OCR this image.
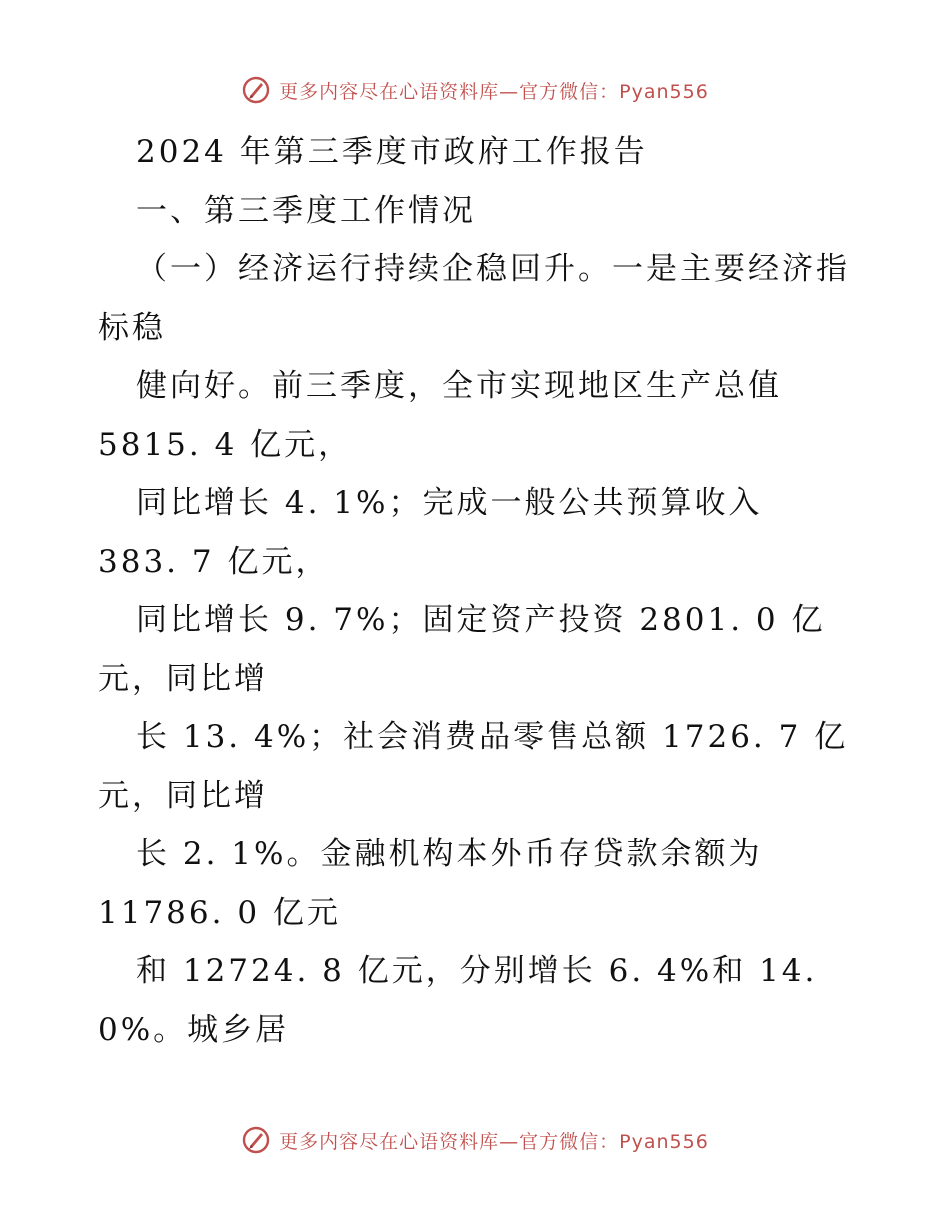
更多内容尽在心语资料库—官方微信：Pyan556
2024 年第三季度市政府工作报告
一、第三季度工作情况
（一）经济运行持续企稳回升。一是主要经济指
标稳
健向好。前三季度，全市实现地区生产总值
5815. 4 亿元，
同比增长 4. 1%；完成一般公共预算收入
383. 7 亿元，
同比增长 9. 7%；固定资产投资 2801. 0 亿
元，同比增
长 13. 4%；社会消费品零售总额 1726. 7 亿
元，同比增
长 2. 1%。金融机构本外币存贷款余额为
11786. 0 亿元
和 12724. 8 亿元，分别增长 6. 4%和 14.
0%。城乡居
更多内容尽在心语资料库—官方微信：Pyan556
